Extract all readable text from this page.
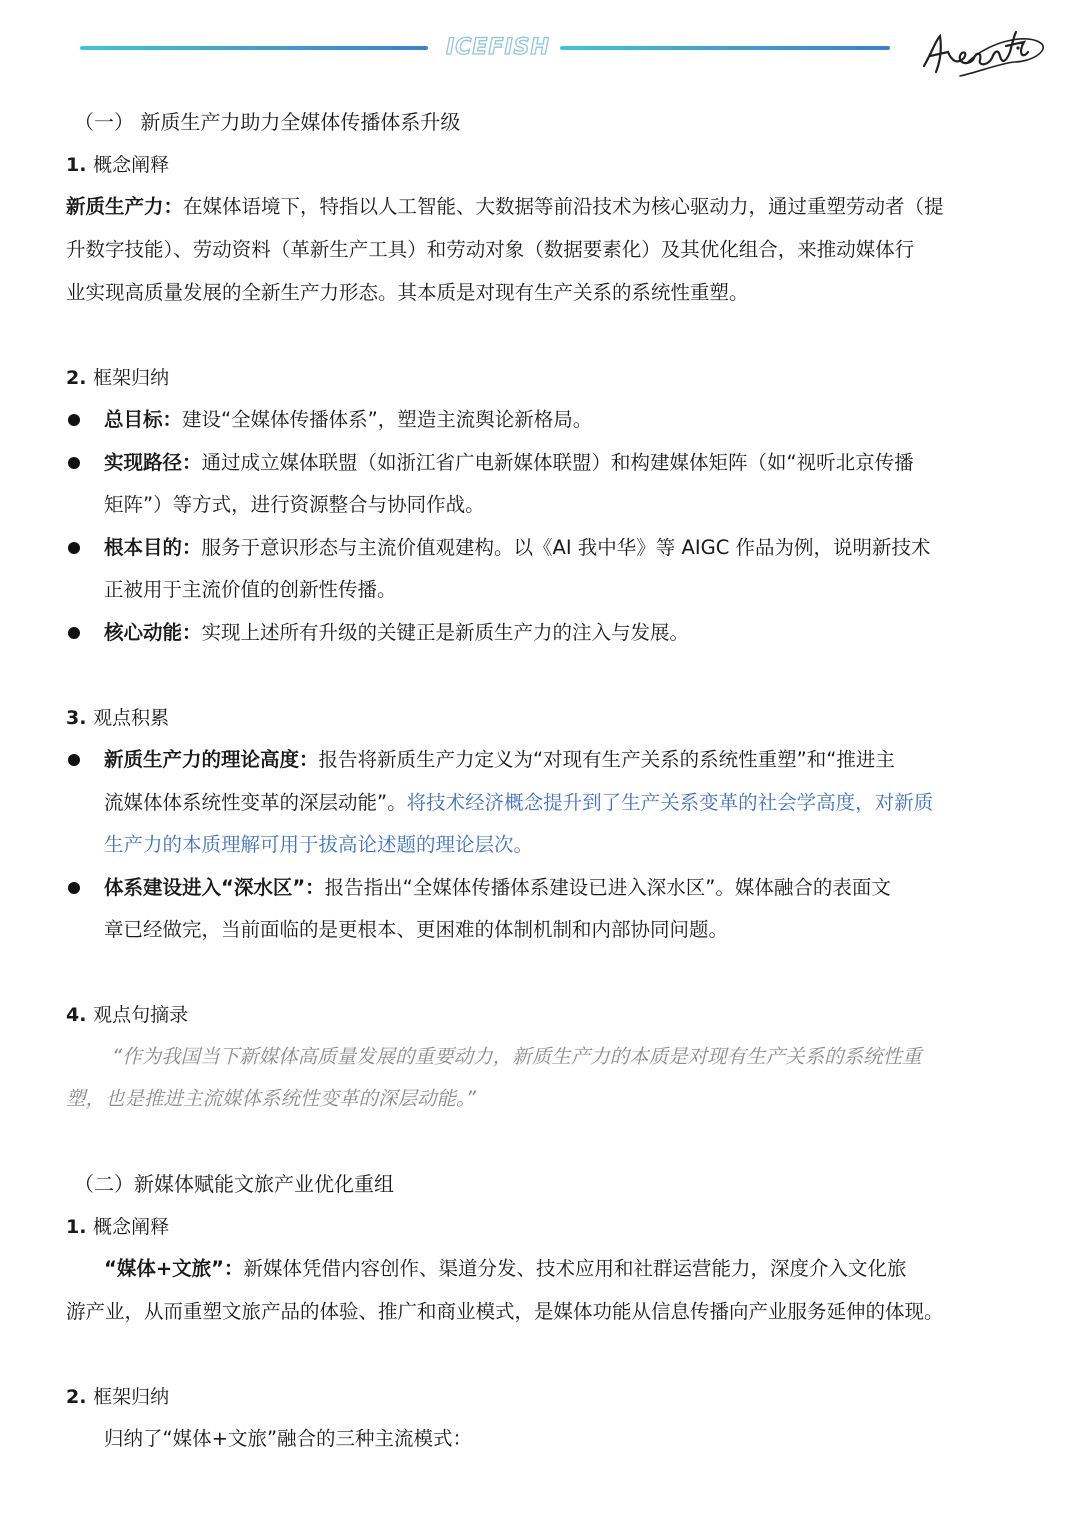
ICEFISH
（一） 新质生产力助力全媒体传播体系升级
1. 概念阐释
新质生产力：在媒体语境下，特指以人工智能、大数据等前沿技术为核心驱动力，通过重塑劳动者（提
升数字技能）、劳动资料（革新生产工具）和劳动对象（数据要素化）及其优化组合，来推动媒体行
业实现高质量发展的全新生产力形态。其本质是对现有生产关系的系统性重塑。
2. 框架归纳
总目标：建设“全媒体传播体系”，塑造主流舆论新格局。
实现路径：通过成立媒体联盟（如浙江省广电新媒体联盟）和构建媒体矩阵（如“视听北京传播
矩阵”）等方式，进行资源整合与协同作战。
根本目的：服务于意识形态与主流价值观建构。以《AI 我中华》等 AIGC 作品为例，说明新技术
正被用于主流价值的创新性传播。
核心动能：实现上述所有升级的关键正是新质生产力的注入与发展。
3. 观点积累
新质生产力的理论高度：报告将新质生产力定义为“对现有生产关系的系统性重塑”和“推进主
流媒体体系统性变革的深层动能”。将技术经济概念提升到了生产关系变革的社会学高度，对新质
生产力的本质理解可用于拔高论述题的理论层次。
体系建设进入“深水区”：报告指出“全媒体传播体系建设已进入深水区”。媒体融合的表面文
章已经做完，当前面临的是更根本、更困难的体制机制和内部协同问题。
4. 观点句摘录
“作为我国当下新媒体高质量发展的重要动力，新质生产力的本质是对现有生产关系的系统性重
塑，也是推进主流媒体系统性变革的深层动能。”
（二）新媒体赋能文旅产业优化重组
1. 概念阐释
“媒体+文旅”：新媒体凭借内容创作、渠道分发、技术应用和社群运营能力，深度介入文化旅
游产业，从而重塑文旅产品的体验、推广和商业模式，是媒体功能从信息传播向产业服务延伸的体现。
2. 框架归纳
归纳了“媒体+文旅”融合的三种主流模式：
